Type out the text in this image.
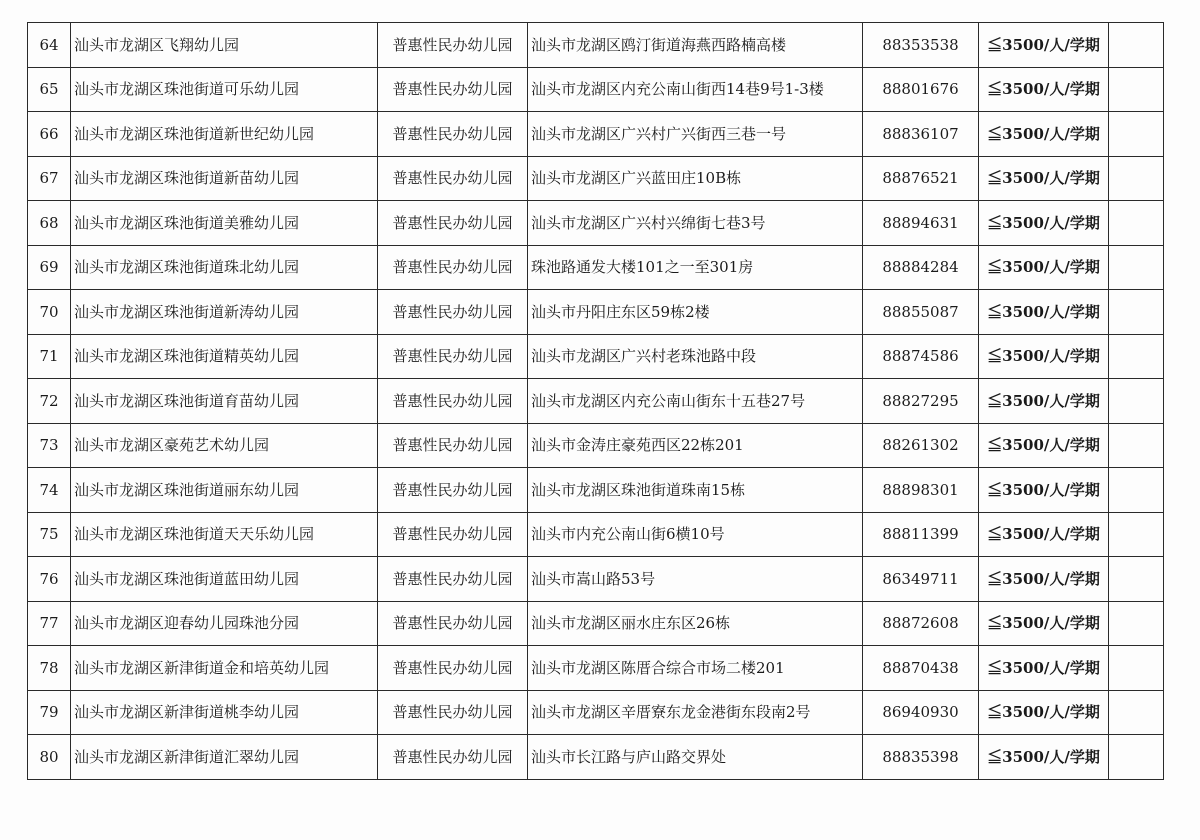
64	汕头市龙湖区飞翔幼儿园	普惠性民办幼儿园	汕头市龙湖区鸥汀街道海燕西路楠高楼	88353538	≦3500/人/学期	
65	汕头市龙湖区珠池街道可乐幼儿园	普惠性民办幼儿园	汕头市龙湖区内充公南山街西14巷9号1-3楼	88801676	≦3500/人/学期	
66	汕头市龙湖区珠池街道新世纪幼儿园	普惠性民办幼儿园	汕头市龙湖区广兴村广兴街西三巷一号	88836107	≦3500/人/学期	
67	汕头市龙湖区珠池街道新苗幼儿园	普惠性民办幼儿园	汕头市龙湖区广兴蓝田庄10B栋	88876521	≦3500/人/学期	
68	汕头市龙湖区珠池街道美雅幼儿园	普惠性民办幼儿园	汕头市龙湖区广兴村兴绵街七巷3号	88894631	≦3500/人/学期	
69	汕头市龙湖区珠池街道珠北幼儿园	普惠性民办幼儿园	珠池路通发大楼101之一至301房	88884284	≦3500/人/学期	
70	汕头市龙湖区珠池街道新涛幼儿园	普惠性民办幼儿园	汕头市丹阳庄东区59栋2楼	88855087	≦3500/人/学期	
71	汕头市龙湖区珠池街道精英幼儿园	普惠性民办幼儿园	汕头市龙湖区广兴村老珠池路中段	88874586	≦3500/人/学期	
72	汕头市龙湖区珠池街道育苗幼儿园	普惠性民办幼儿园	汕头市龙湖区内充公南山街东十五巷27号	88827295	≦3500/人/学期	
73	汕头市龙湖区豪苑艺术幼儿园	普惠性民办幼儿园	汕头市金涛庄豪苑西区22栋201	88261302	≦3500/人/学期	
74	汕头市龙湖区珠池街道丽东幼儿园	普惠性民办幼儿园	汕头市龙湖区珠池街道珠南15栋	88898301	≦3500/人/学期	
75	汕头市龙湖区珠池街道天天乐幼儿园	普惠性民办幼儿园	汕头市内充公南山街6横10号	88811399	≦3500/人/学期	
76	汕头市龙湖区珠池街道蓝田幼儿园	普惠性民办幼儿园	汕头市嵩山路53号	86349711	≦3500/人/学期	
77	汕头市龙湖区迎春幼儿园珠池分园	普惠性民办幼儿园	汕头市龙湖区丽水庄东区26栋	88872608	≦3500/人/学期	
78	汕头市龙湖区新津街道金和培英幼儿园	普惠性民办幼儿园	汕头市龙湖区陈厝合综合市场二楼201	88870438	≦3500/人/学期	
79	汕头市龙湖区新津街道桃李幼儿园	普惠性民办幼儿园	汕头市龙湖区辛厝寮东龙金港街东段南2号	86940930	≦3500/人/学期	
80	汕头市龙湖区新津街道汇翠幼儿园	普惠性民办幼儿园	汕头市长江路与庐山路交界处	88835398	≦3500/人/学期	
